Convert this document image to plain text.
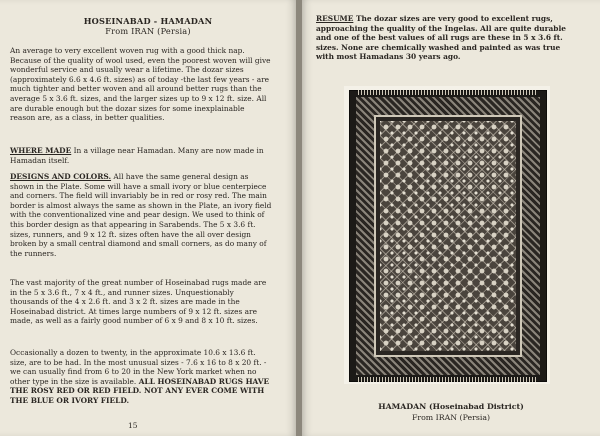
HOSEINABAD - HAMADAN
From IRAN (Persia)

An average to very excellent woven rug with a good thick nap. Because of the quality of wool used, even the poorest woven will give wonderful service and usually wear a lifetime. The dozar sizes (approximately 6.6 x 4.6 ft. sizes) as of today -the last few years - are much tighter and better woven and all around better rugs than the average 5 x 3.6 ft. sizes, and the larger sizes up to 9 x 12 ft. size. All are durable enough but the dozar sizes for some inexplainable reason are, as a class, in better qualities.

WHERE MADE In a village near Hamadan. Many are now made in Hamadan itself.

DESIGNS AND COLORS. All have the same general design as shown in the Plate. Some will have a small ivory or blue centerpiece and corners. The field will invariably be in red or rosy red. The main border is almost always the same as shown in the Plate, an ivory field with the conventionalized vine and pear design. We used to think of this border design as that appearing in Sarabends. The 5 x 3.6 ft. sizes, runners, and 9 x 12 ft. sizes often have the all over design broken by a small central diamond and small corners, as do many of the runners.

The vast majority of the great number of Hoseinabad rugs made are in the 5 x 3.6 ft., 7 x 4 ft., and runner sizes. Unquestionably thousands of the 4 x 2.6 ft. and 3 x 2 ft. sizes are made in the Hoseinabad district. At times large numbers of 9 x 12 ft. sizes are made, as well as a fairly good number of 6 x 9 and 8 x 10 ft. sizes.

Occasionally a dozen to twenty, in the approximate 10.6 x 13.6 ft. size, are to be had. In the most unusual sizes - 7.6 x 16 to 8 x 20 ft. - we can usually find from 6 to 20 in the New York market when no other type in the size is available. ALL HOSEINABAD RUGS HAVE THE ROSY RED OR RED FIELD. NOT ANY EVER COME WITH THE BLUE OR IVORY FIELD.

15

RESUME The dozar sizes are very good to excellent rugs, approaching the quality of the Ingelas. All are quite durable and one of the best values of all rugs are these in 5 x 3.6 ft. sizes. None are chemically washed and painted as was true with most Hamadans 30 years ago.

HAMADAN (Hoseinabad District)
From IRAN (Persia)
